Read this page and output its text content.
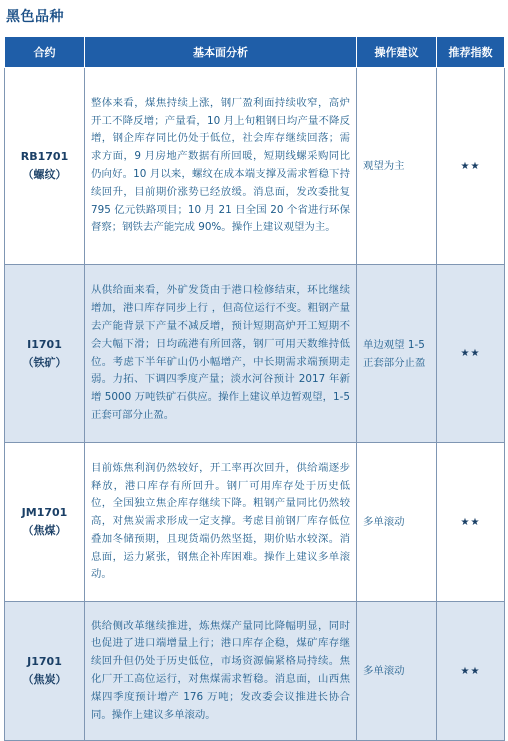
黑色品种
合约	基本面分析	操作建议	推荐指数

RB1701
（螺纹）	整体来看，煤焦持续上涨，钢厂盈利面持续收窄，高炉开工不降反增；产量看，10 月上旬粗钢日均产量不降反增，钢企库存同比仍处于低位，社会库存继续回落；需求方面，9 月房地产数据有所回暖，短期线螺采购同比仍向好。10 月以来，螺纹在成本端支撑及需求暂稳下持续回升，目前期价涨势已经放缓。消息面，发改委批复 795 亿元铁路项目；10 月 21 日全国 20 个省进行环保督察；钢铁去产能完成 90%。操作上建议观望为主。	观望为主	★★

I1701
（铁矿）	从供给面来看，外矿发货由于港口检修结束，环比继续增加，港口库存同步上行 ，但高位运行不变。粗钢产量去产能背景下产量不减反增，预计短期高炉开工短期不会大幅下滑；日均疏港有所回落，钢厂可用天数维持低位。考虑下半年矿山仍小幅增产，中长期需求端预期走弱。力拓、下调四季度产量；淡水河谷预计 2017 年新增 5000 万吨铁矿石供应。操作上建议单边暂观望，1-5 正套可部分止盈。	单边观望 1-5 正套部分止盈	★★

JM1701
（焦煤）	目前炼焦利润仍然较好，开工率再次回升，供给端逐步释放，港口库存有所回升。钢厂可用库存处于历史低位，全国独立焦企库存继续下降。粗钢产量同比仍然较高，对焦炭需求形成一定支撑。考虑目前钢厂库存低位叠加冬储预期，且现货端仍然坚挺，期价贴水较深。消息面，运力紧张，钢焦企补库困难。操作上建议多单滚动。	多单滚动	★★

J1701
（焦炭）	供给侧改革继续推进，炼焦煤产量同比降幅明显，同时也促进了进口端增量上行；港口库存企稳，煤矿库存继续回升但仍处于历史低位，市场资源偏紧格局持续。焦化厂开工高位运行，对焦煤需求暂稳。消息面，山西焦煤四季度预计增产 176 万吨；发改委会议推进长协合同。操作上建议多单滚动。	多单滚动	★★
